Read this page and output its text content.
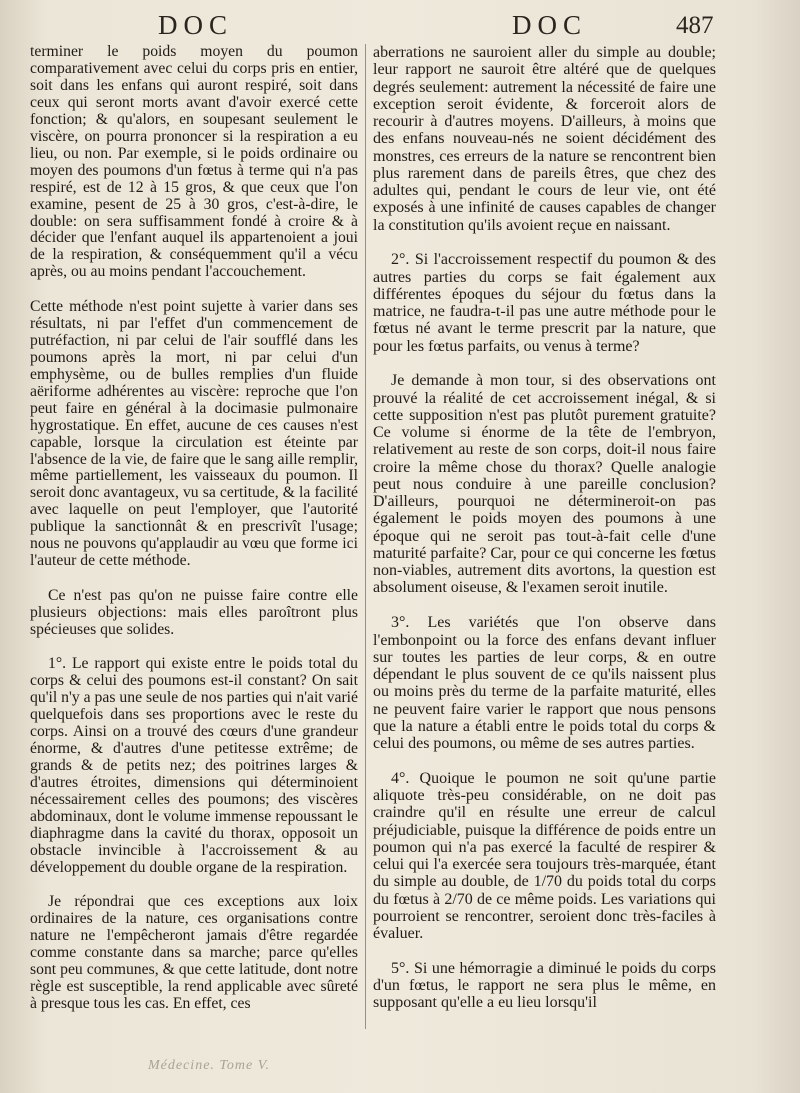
DOC	DOC	487

terminer le poids moyen du poumon comparativement avec celui du corps pris en entier, soit dans les enfans qui auront respiré, soit dans ceux qui seront morts avant d'avoir exercé cette fonction; & qu'alors, en soupesant seulement le viscère, on pourra prononcer si la respiration a eu lieu, ou non. Par exemple, si le poids ordinaire ou moyen des poumons d'un fœtus à terme qui n'a pas respiré, est de 12 à 15 gros, & que ceux que l'on examine, pesent de 25 à 30 gros, c'est-à-dire, le double: on sera suffisamment fondé à croire & à décider que l'enfant auquel ils appartenoient a joui de la respiration, & conséquemment qu'il a vécu après, ou au moins pendant l'accouchement.

Cette méthode n'est point sujette à varier dans ses résultats, ni par l'effet d'un commencement de putréfaction, ni par celui de l'air soufflé dans les poumons après la mort, ni par celui d'un emphysème, ou de bulles remplies d'un fluide aëriforme adhérentes au viscère: reproche que l'on peut faire en général à la docimasie pulmonaire hygrostatique. En effet, aucune de ces causes n'est capable, lorsque la circulation est éteinte par l'absence de la vie, de faire que le sang aille remplir, même partiellement, les vaisseaux du poumon. Il seroit donc avantageux, vu sa certitude, & la facilité avec laquelle on peut l'employer, que l'autorité publique la sanctionnât & en prescrivît l'usage; nous ne pouvons qu'applaudir au vœu que forme ici l'auteur de cette méthode.

Ce n'est pas qu'on ne puisse faire contre elle plusieurs objections: mais elles paroîtront plus spécieuses que solides.

1°. Le rapport qui existe entre le poids total du corps & celui des poumons est-il constant? On sait qu'il n'y a pas une seule de nos parties qui n'ait varié quelquefois dans ses proportions avec le reste du corps. Ainsi on a trouvé des cœurs d'une grandeur énorme, & d'autres d'une petitesse extrême; de grands & de petits nez; des poitrines larges & d'autres étroites, dimensions qui déterminoient nécessairement celles des poumons; des viscères abdominaux, dont le volume immense repoussant le diaphragme dans la cavité du thorax, opposoit un obstacle invincible à l'accroissement & au développement du double organe de la respiration.

Je répondrai que ces exceptions aux loix ordinaires de la nature, ces organisations contre nature ne l'empêcheront jamais d'être regardée comme constante dans sa marche; parce qu'elles sont peu communes, & que cette latitude, dont notre règle est susceptible, la rend applicable avec sûreté à presque tous les cas. En effet, ces

aberrations ne sauroient aller du simple au double; leur rapport ne sauroit être altéré que de quelques degrés seulement: autrement la nécessité de faire une exception seroit évidente, & forceroit alors de recourir à d'autres moyens. D'ailleurs, à moins que des enfans nouveau-nés ne soient décidément des monstres, ces erreurs de la nature se rencontrent bien plus rarement dans de pareils êtres, que chez des adultes qui, pendant le cours de leur vie, ont été exposés à une infinité de causes capables de changer la constitution qu'ils avoient reçue en naissant.

2°. Si l'accroissement respectif du poumon & des autres parties du corps se fait également aux différentes époques du séjour du fœtus dans la matrice, ne faudra-t-il pas une autre méthode pour le fœtus né avant le terme prescrit par la nature, que pour les fœtus parfaits, ou venus à terme?

Je demande à mon tour, si des observations ont prouvé la réalité de cet accroissement inégal, & si cette supposition n'est pas plutôt purement gratuite? Ce volume si énorme de la tête de l'embryon, relativement au reste de son corps, doit-il nous faire croire la même chose du thorax? Quelle analogie peut nous conduire à une pareille conclusion? D'ailleurs, pourquoi ne détermineroit-on pas également le poids moyen des poumons à une époque qui ne seroit pas tout-à-fait celle d'une maturité parfaite? Car, pour ce qui concerne les fœtus non-viables, autrement dits avortons, la question est absolument oiseuse, & l'examen seroit inutile.

3°. Les variétés que l'on observe dans l'embonpoint ou la force des enfans devant influer sur toutes les parties de leur corps, & en outre dépendant le plus souvent de ce qu'ils naissent plus ou moins près du terme de la parfaite maturité, elles ne peuvent faire varier le rapport que nous pensons que la nature a établi entre le poids total du corps & celui des poumons, ou même de ses autres parties.

4°. Quoique le poumon ne soit qu'une partie aliquote très-peu considérable, on ne doit pas craindre qu'il en résulte une erreur de calcul préjudiciable, puisque la différence de poids entre un poumon qui n'a pas exercé la faculté de respirer & celui qui l'a exercée sera toujours très-marquée, étant du simple au double, de 1/70 du poids total du corps du fœtus à 2/70 de ce même poids. Les variations qui pourroient se rencontrer, seroient donc très-faciles à évaluer.

5°. Si une hémorragie a diminué le poids du corps d'un fœtus, le rapport ne sera plus le même, en supposant qu'elle a eu lieu lorsqu'il

Médecine. Tome V.
